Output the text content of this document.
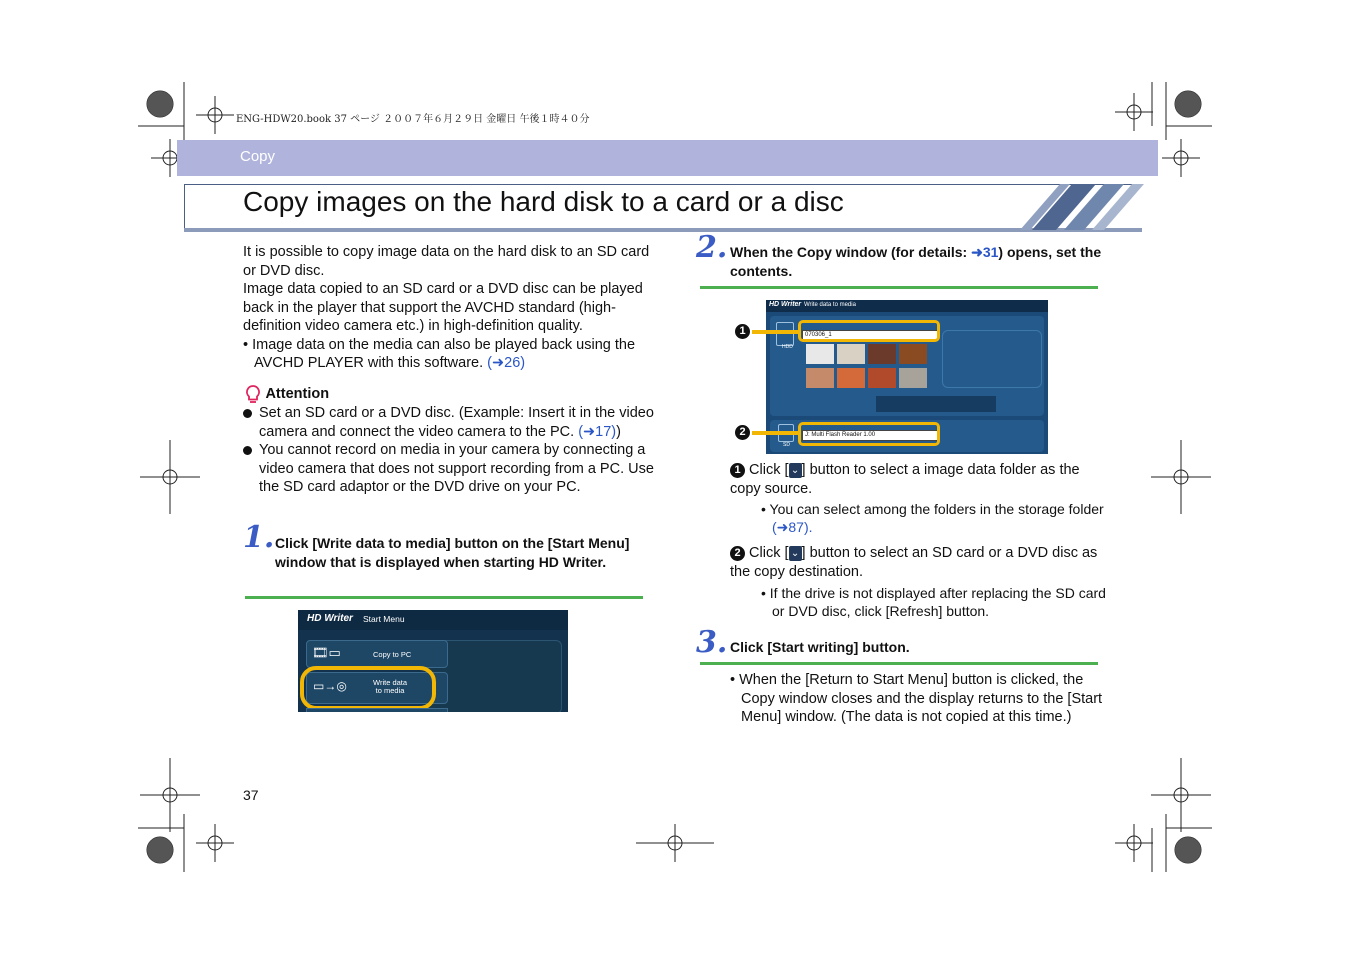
ENG-HDW20.book 37 ページ ２００７年６月２９日 金曜日 午後１時４０分
Copy
Copy images on the hard disk to a card or a disc
It is possible to copy image data on the hard disk to an SD card or DVD disc.
Image data copied to an SD card or a DVD disc can be played back in the player that support the AVCHD standard (high-definition video camera etc.) in high-definition quality.
• Image data on the media can also be played back using the AVCHD PLAYER with this software. (➜26)
Attention
Set an SD card or a DVD disc. (Example: Insert it in the video camera and connect the video camera to the PC. (➜17))
You cannot record on media in your camera by connecting a video camera that does not support recording from a PC. Use the SD card adaptor or the DVD drive on your PC.
1. Click [Write data to media] button on the [Start Menu] window that is displayed when starting HD Writer.
HD Writer Start Menu
🎞▭	Copy to PC
▭→◎	Write data
to media
2. When the Copy window (for details: ➜31) opens, set the contents.
HD Writer Write data to media
HDD
070306_1
SD
J: Multi Flash Reader 1.00
1
2
1 Click [ ⌄ ] button to select a image data folder as the copy source.
• You can select among the folders in the storage folder (➜87).
2 Click [ ⌄ ] button to select an SD card or a DVD disc as the copy destination.
• If the drive is not displayed after replacing the SD card or DVD disc, click [Refresh] button.
3. Click [Start writing] button.
• When the [Return to Start Menu] button is clicked, the Copy window closes and the display returns to the [Start Menu] window. (The data is not copied at this time.)
37
